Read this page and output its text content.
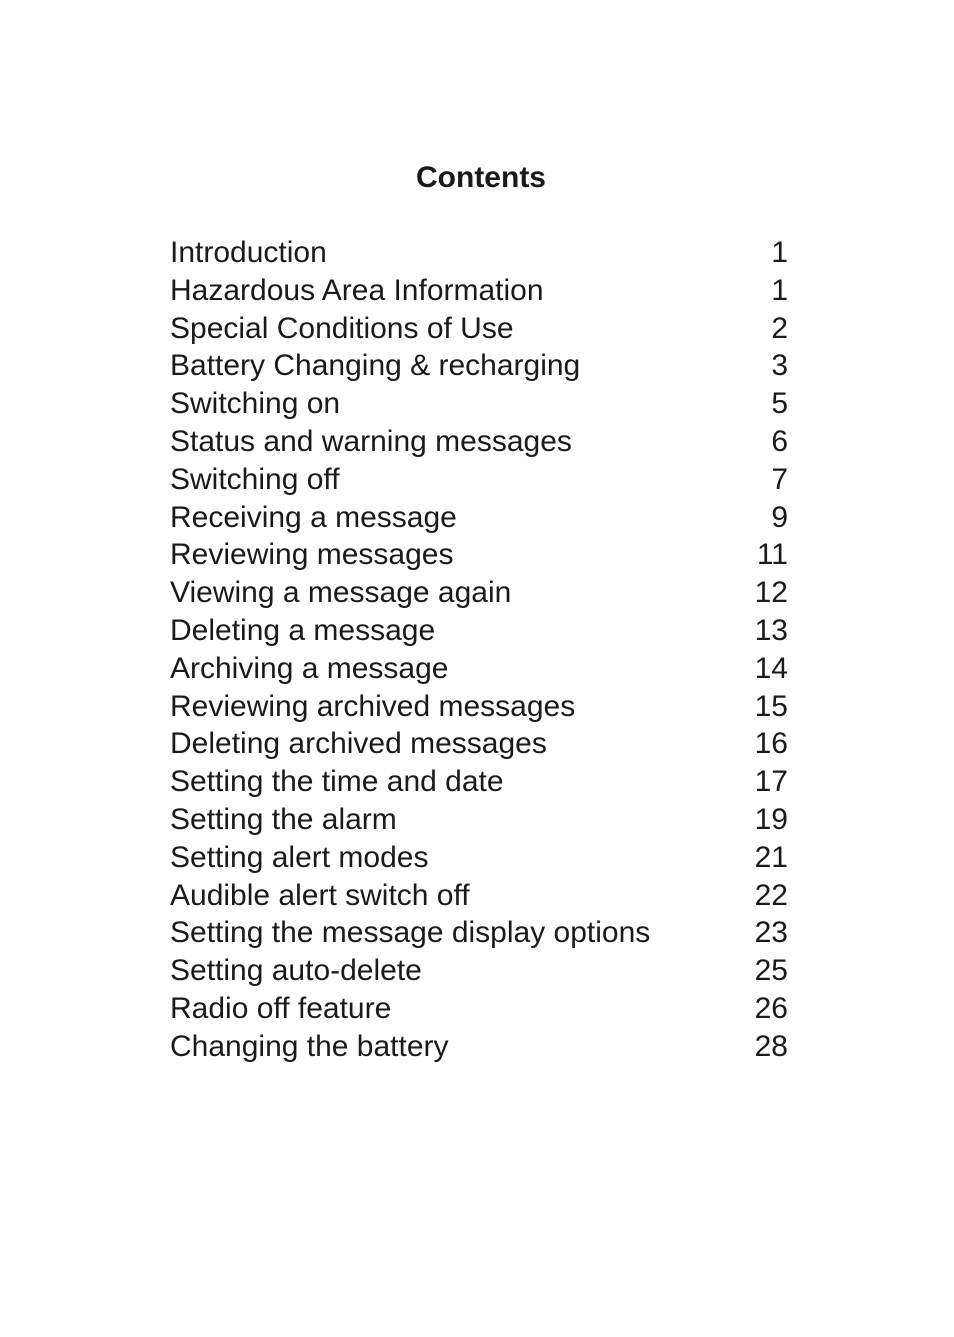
Contents
Introduction	1
Hazardous Area Information	1
Special Conditions of Use	2
Battery Changing & recharging	3
Switching on	5
Status and warning messages	6
Switching off	7
Receiving a message	9
Reviewing messages	11
Viewing a message again	12
Deleting a message	13
Archiving a message	14
Reviewing archived messages	15
Deleting archived messages	16
Setting the time and date	17
Setting the alarm	19
Setting alert modes	21
Audible alert switch off	22
Setting the message display options	23
Setting auto-delete	25
Radio off feature	26
Changing the battery	28
